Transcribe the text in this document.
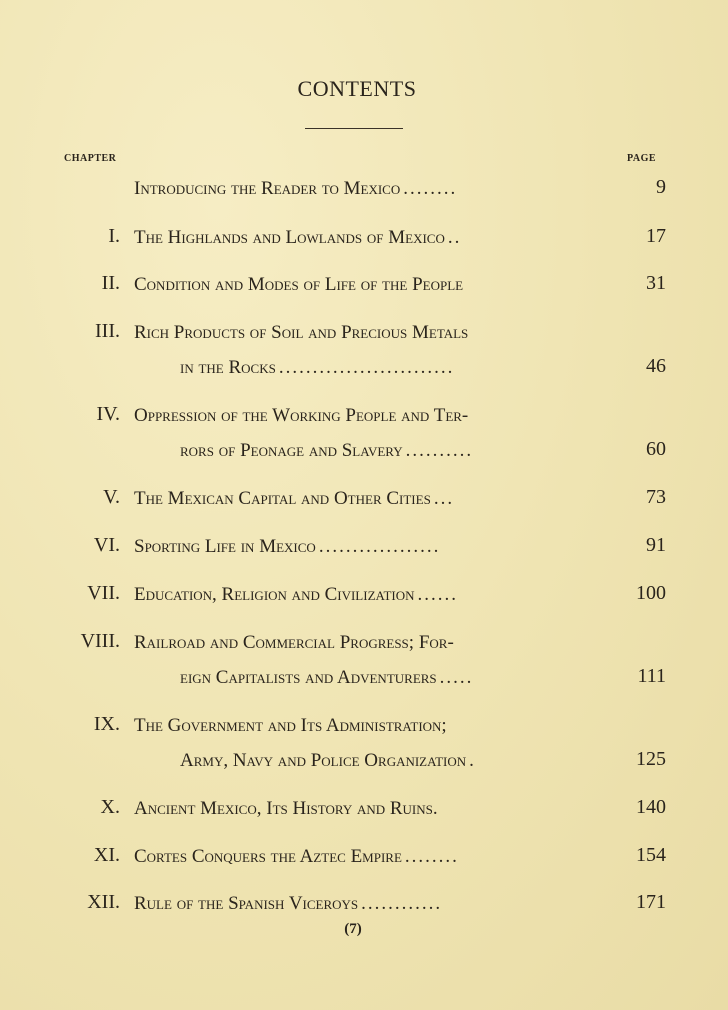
CONTENTS
CHAPTER	PAGE
Introducing the Reader to Mexico ........	9
I. The Highlands and Lowlands of Mexico ..	17
II. Condition and Modes of Life of the People	31
III. Rich Products of Soil and Precious Metals
in the Rocks ..........................	46
IV. Oppression of the Working People and Ter-
rors of Peonage and Slavery ..........	60
V. The Mexican Capital and Other Cities ...	73
VI. Sporting Life in Mexico ..................	91
VII. Education, Religion and Civilization ......	100
VIII. Railroad and Commercial Progress; For-
eign Capitalists and Adventurers .....	111
IX. The Government and Its Administration;
Army, Navy and Police Organization .	125
X. Ancient Mexico, Its History and Ruins.	140
XI. Cortes Conquers the Aztec Empire ........	154
XII. Rule of the Spanish Viceroys ............	171
(7)
